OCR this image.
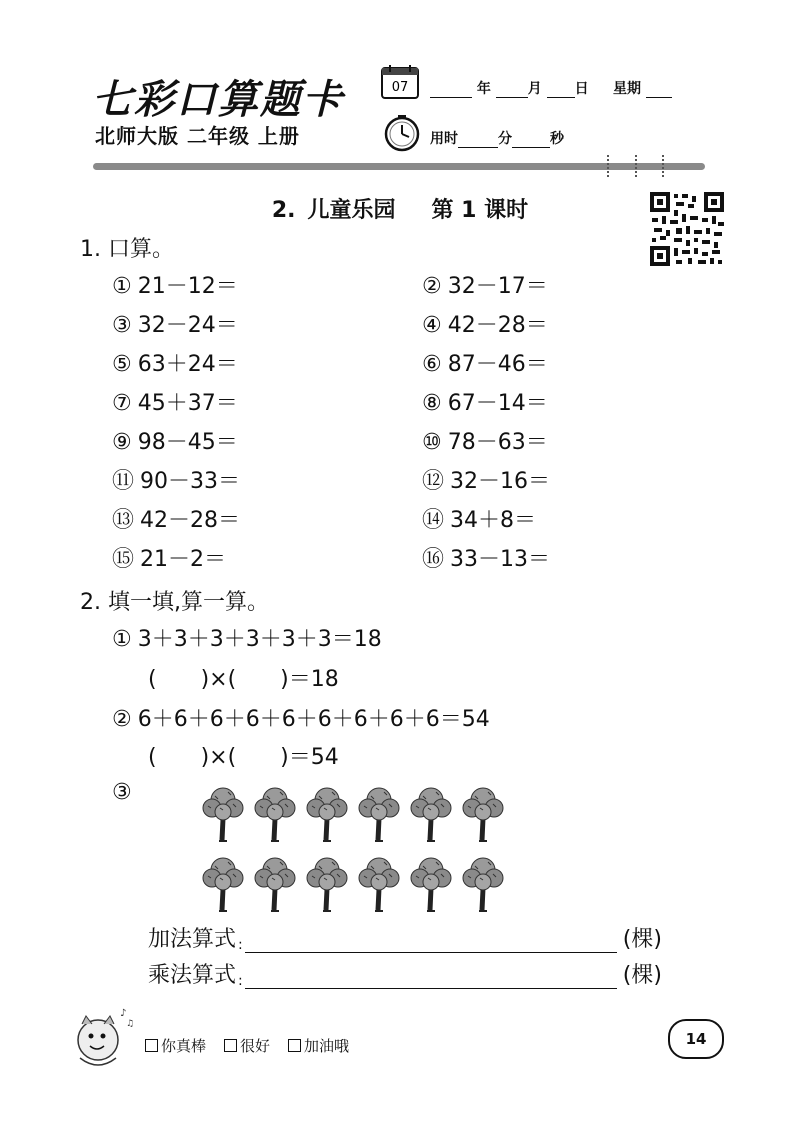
七彩口算题卡
北师大版 二年级 上册
07	年	月 日 星期
用时	分	秒
2. 儿童乐园 第 1 课时
1. 口算。
① 21－12＝	② 32－17＝
③ 32－24＝	④ 42－28＝
⑤ 63＋24＝	⑥ 87－46＝
⑦ 45＋37＝	⑧ 67－14＝
⑨ 98－45＝	⑩ 78－63＝
⑪ 90－33＝	⑫ 32－16＝
⑬ 42－28＝	⑭ 34＋8＝
⑮ 21－2＝	⑯ 33－13＝
2. 填一填,算一算。
① 3＋3＋3＋3＋3＋3＝18
(　　)×(　　)＝18
② 6＋6＋6＋6＋6＋6＋6＋6＋6＝54
(　　)×(　　)＝54
③
加法算式 :	(棵)
乘法算式 :	(棵)
♪
♫
你真棒 很好 加油哦	14
